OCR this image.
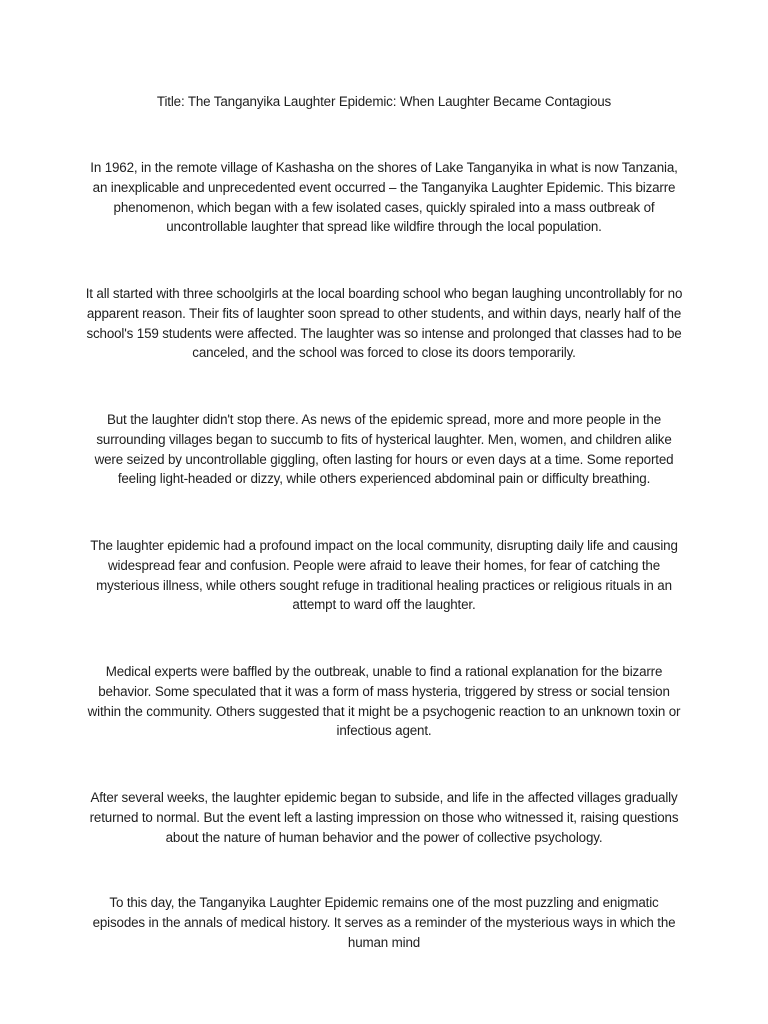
Title: The Tanganyika Laughter Epidemic: When Laughter Became Contagious

In 1962, in the remote village of Kashasha on the shores of Lake Tanganyika in what is now Tanzania, an inexplicable and unprecedented event occurred – the Tanganyika Laughter Epidemic. This bizarre phenomenon, which began with a few isolated cases, quickly spiraled into a mass outbreak of uncontrollable laughter that spread like wildfire through the local population.

It all started with three schoolgirls at the local boarding school who began laughing uncontrollably for no apparent reason. Their fits of laughter soon spread to other students, and within days, nearly half of the school's 159 students were affected. The laughter was so intense and prolonged that classes had to be canceled, and the school was forced to close its doors temporarily.

But the laughter didn't stop there. As news of the epidemic spread, more and more people in the surrounding villages began to succumb to fits of hysterical laughter. Men, women, and children alike were seized by uncontrollable giggling, often lasting for hours or even days at a time. Some reported feeling light-headed or dizzy, while others experienced abdominal pain or difficulty breathing.

The laughter epidemic had a profound impact on the local community, disrupting daily life and causing widespread fear and confusion. People were afraid to leave their homes, for fear of catching the mysterious illness, while others sought refuge in traditional healing practices or religious rituals in an attempt to ward off the laughter.

Medical experts were baffled by the outbreak, unable to find a rational explanation for the bizarre behavior. Some speculated that it was a form of mass hysteria, triggered by stress or social tension within the community. Others suggested that it might be a psychogenic reaction to an unknown toxin or infectious agent.

After several weeks, the laughter epidemic began to subside, and life in the affected villages gradually returned to normal. But the event left a lasting impression on those who witnessed it, raising questions about the nature of human behavior and the power of collective psychology.

To this day, the Tanganyika Laughter Epidemic remains one of the most puzzling and enigmatic episodes in the annals of medical history. It serves as a reminder of the mysterious ways in which the human mind
